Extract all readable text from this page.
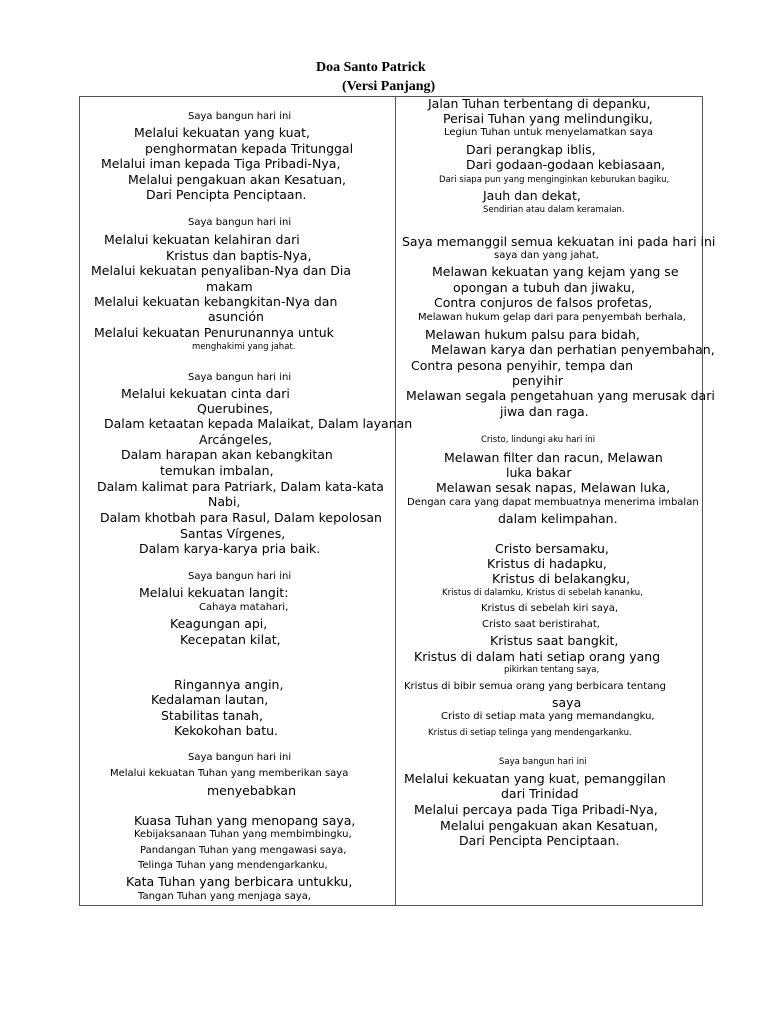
Doa Santo Patrick
(Versi Panjang)
Saya bangun hari ini
Melalui kekuatan yang kuat,
penghormatan kepada Tritunggal
Melalui iman kepada Tiga Pribadi-Nya,
Melalui pengakuan akan Kesatuan,
Dari Pencipta Penciptaan.
Saya bangun hari ini
Melalui kekuatan kelahiran dari
Kristus dan baptis-Nya,
Melalui kekuatan penyaliban-Nya dan Dia
makam
Melalui kekuatan kebangkitan-Nya dan
asunción
Melalui kekuatan Penurunannya untuk
menghakimi yang jahat.
Saya bangun hari ini
Melalui kekuatan cinta dari
Querubines,
Dalam ketaatan kepada Malaikat, Dalam layanan
Arcángeles,
Dalam harapan akan kebangkitan
temukan imbalan,
Dalam kalimat para Patriark, Dalam kata-kata
Nabi,
Dalam khotbah para Rasul, Dalam kepolosan
Santas Vírgenes,
Dalam karya-karya pria baik.
Saya bangun hari ini
Melalui kekuatan langit:
Cahaya matahari,
Keagungan api,
Kecepatan kilat,
Ringannya angin,
Kedalaman lautan,
Stabilitas tanah,
Kekokohan batu.
Saya bangun hari ini
Melalui kekuatan Tuhan yang memberikan saya
menyebabkan
Kuasa Tuhan yang menopang saya,
Kebijaksanaan Tuhan yang membimbingku,
Pandangan Tuhan yang mengawasi saya,
Telinga Tuhan yang mendengarkanku,
Kata Tuhan yang berbicara untukku,
Tangan Tuhan yang menjaga saya,
Jalan Tuhan terbentang di depanku,
Perisai Tuhan yang melindungiku,
Legiun Tuhan untuk menyelamatkan saya
Dari perangkap iblis,
Dari godaan-godaan kebiasaan,
Dari siapa pun yang menginginkan keburukan bagiku,
Jauh dan dekat,
Sendirian atau dalam keramaian.
Saya memanggil semua kekuatan ini pada hari ini
saya dan yang jahat,
Melawan kekuatan yang kejam yang se
opongan a tubuh dan jiwaku,
Contra conjuros de falsos profetas,
Melawan hukum gelap dari para penyembah berhala,
Melawan hukum palsu para bidah,
Melawan karya dan perhatian penyembahan,
Contra pesona penyihir, tempa dan
penyihir
Melawan segala pengetahuan yang merusak dari
jiwa dan raga.
Cristo, lindungi aku hari ini
Melawan filter dan racun, Melawan
luka bakar
Melawan sesak napas, Melawan luka,
Dengan cara yang dapat membuatnya menerima imbalan
dalam kelimpahan.
Cristo bersamaku,
Kristus di hadapku,
Kristus di belakangku,
Kristus di dalamku, Kristus di sebelah kananku,
Kristus di sebelah kiri saya,
Cristo saat beristirahat,
Kristus saat bangkit,
Kristus di dalam hati setiap orang yang
pikirkan tentang saya,
Kristus di bibir semua orang yang berbicara tentang
saya
Cristo di setiap mata yang memandangku,
Kristus di setiap telinga yang mendengarkanku.
Saya bangun hari ini
Melalui kekuatan yang kuat, pemanggilan
dari Trinidad
Melalui percaya pada Tiga Pribadi-Nya,
Melalui pengakuan akan Kesatuan,
Dari Pencipta Penciptaan.
